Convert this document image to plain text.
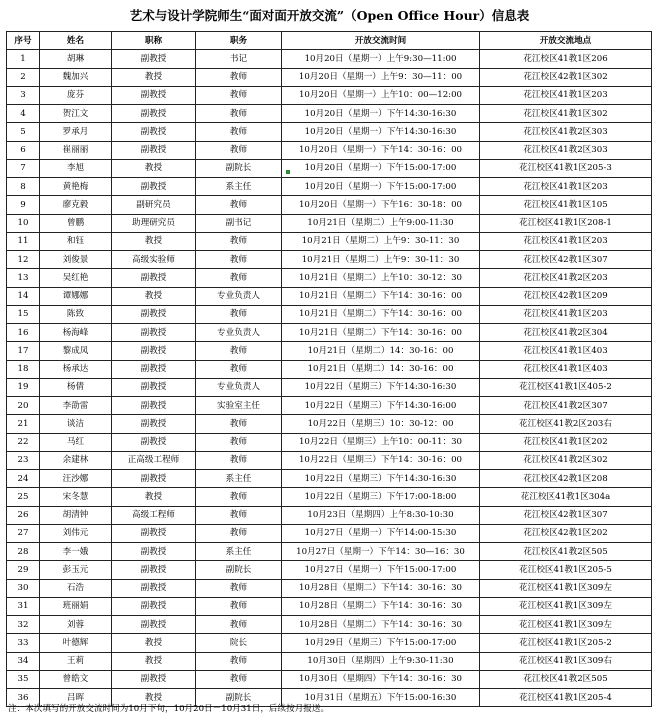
艺术与设计学院师生“面对面开放交流”（Open Office Hour）信息表
序号	姓名	职称	职务	开放交流时间	开放交流地点
1	胡琳	副教授	书记	10月20日（星期一）上午9:30—11:00	花江校区41教1区206
2	魏加兴	教授	教师	10月20日（星期一）上午9：30—11：00	花江校区42教1区302
3	庞芬	副教授	教师	10月20日（星期一）上午10：00—12:00	花江校区41教1区203
4	贺江文	副教授	教师	10月20日（星期一）下午14:30-16:30	花江校区41教1区302
5	罗承月	副教授	教师	10月20日（星期一）下午14:30-16:30	花江校区41教2区303
6	崔丽丽	副教授	教师	10月20日（星期一）下午14：30-16：00	花江校区41教2区303
7	李旭	教授	副院长	10月20日（星期一）下午15:00-17:00	花江校区41教1区205-3
8	黄艳梅	副教授	系主任	10月20日（星期一）下午15:00-17:00	花江校区41教1区203
9	廖克毅	副研究员	教师	10月20日（星期一）下午16：30-18：00	花江校区41教1区105
10	曾鹏	助理研究员	副书记	10月21日（星期二）上午9:00-11:30	花江校区41教1区208-1
11	和钰	教授	教师	10月21日（星期二）上午9：30-11：30	花江校区41教1区203
12	刘俊景	高级实验师	教师	10月21日（星期二）上午9：30-11：30	花江校区42教1区307
13	吴红艳	副教授	教师	10月21日（星期二）上午10：30-12：30	花江校区41教2区203
14	谭娜娜	教授	专业负责人	10月21日（星期二）下午14：30-16：00	花江校区42教1区209
15	陈致	副教授	教师	10月21日（星期二）下午14：30-16：00	花江校区41教1区203
16	杨海峰	副教授	专业负责人	10月21日（星期二）下午14：30-16：00	花江校区41教2区304
17	黎成凤	副教授	教师	10月21日（星期二）14：30-16：00	花江校区41教1区403
18	杨承达	副教授	教师	10月21日（星期二）14：30-16：00	花江校区41教1区403
19	杨倩	副教授	专业负责人	10月22日（星期三）下午14:30-16:30	花江校区41教1区405-2
20	李劭雷	副教授	实验室主任	10月22日（星期三）下午14:30-16:00	花江校区41教2区307
21	谈洁	副教授	教师	10月22日（星期三）10：30-12：00	花江校区41教2区203右
22	马红	副教授	教师	10月22日（星期三）上午10：00-11：30	花江校区41教1区202
23	余建林	正高级工程师	教师	10月22日（星期三）下午14：30-16：00	花江校区41教2区302
24	汪沙娜	副教授	系主任	10月22日（星期三）下午14:30-16:30	花江校区42教1区208
25	宋冬慧	教授	教师	10月22日（星期三）下午17:00-18:00	花江校区41教1区304a
26	胡清钟	高级工程师	教师	10月23日（星期四）上午8:30-10:30	花江校区42教1区307
27	刘伟元	副教授	教师	10月27日（星期一）下午14:00-15:30	花江校区42教1区202
28	李一娥	副教授	系主任	10月27日（星期一）下午14：30—16：30	花江校区41教2区505
29	彭玉元	副教授	副院长	10月27日（星期一）下午15:00-17:00	花江校区41教1区205-5
30	石浩	副教授	教师	10月28日（星期二）下午14：30-16：30	花江校区41教1区309左
31	班丽娟	副教授	教师	10月28日（星期二）下午14：30-16：30	花江校区41教1区309左
32	刘蓉	副教授	教师	10月28日（星期二）下午14：30-16：30	花江校区41教1区309左
33	叶德辉	教授	院长	10月29日（星期三）下午15:00-17:00	花江校区41教1区205-2
34	王莉	教授	教师	10月30日（星期四）上午9:30-11:30	花江校区41教1区309右
35	曾皓文	副教授	教师	10月30日（星期四）下午14：30-16：30	花江校区41教2区505
36	吕晖	教授	副院长	10月31日（星期五）下午15:00-16:30	花江校区41教1区205-4
注：本次填写的开放交流时间为10月下旬，10月20日－10月31日，后续按月报送。
